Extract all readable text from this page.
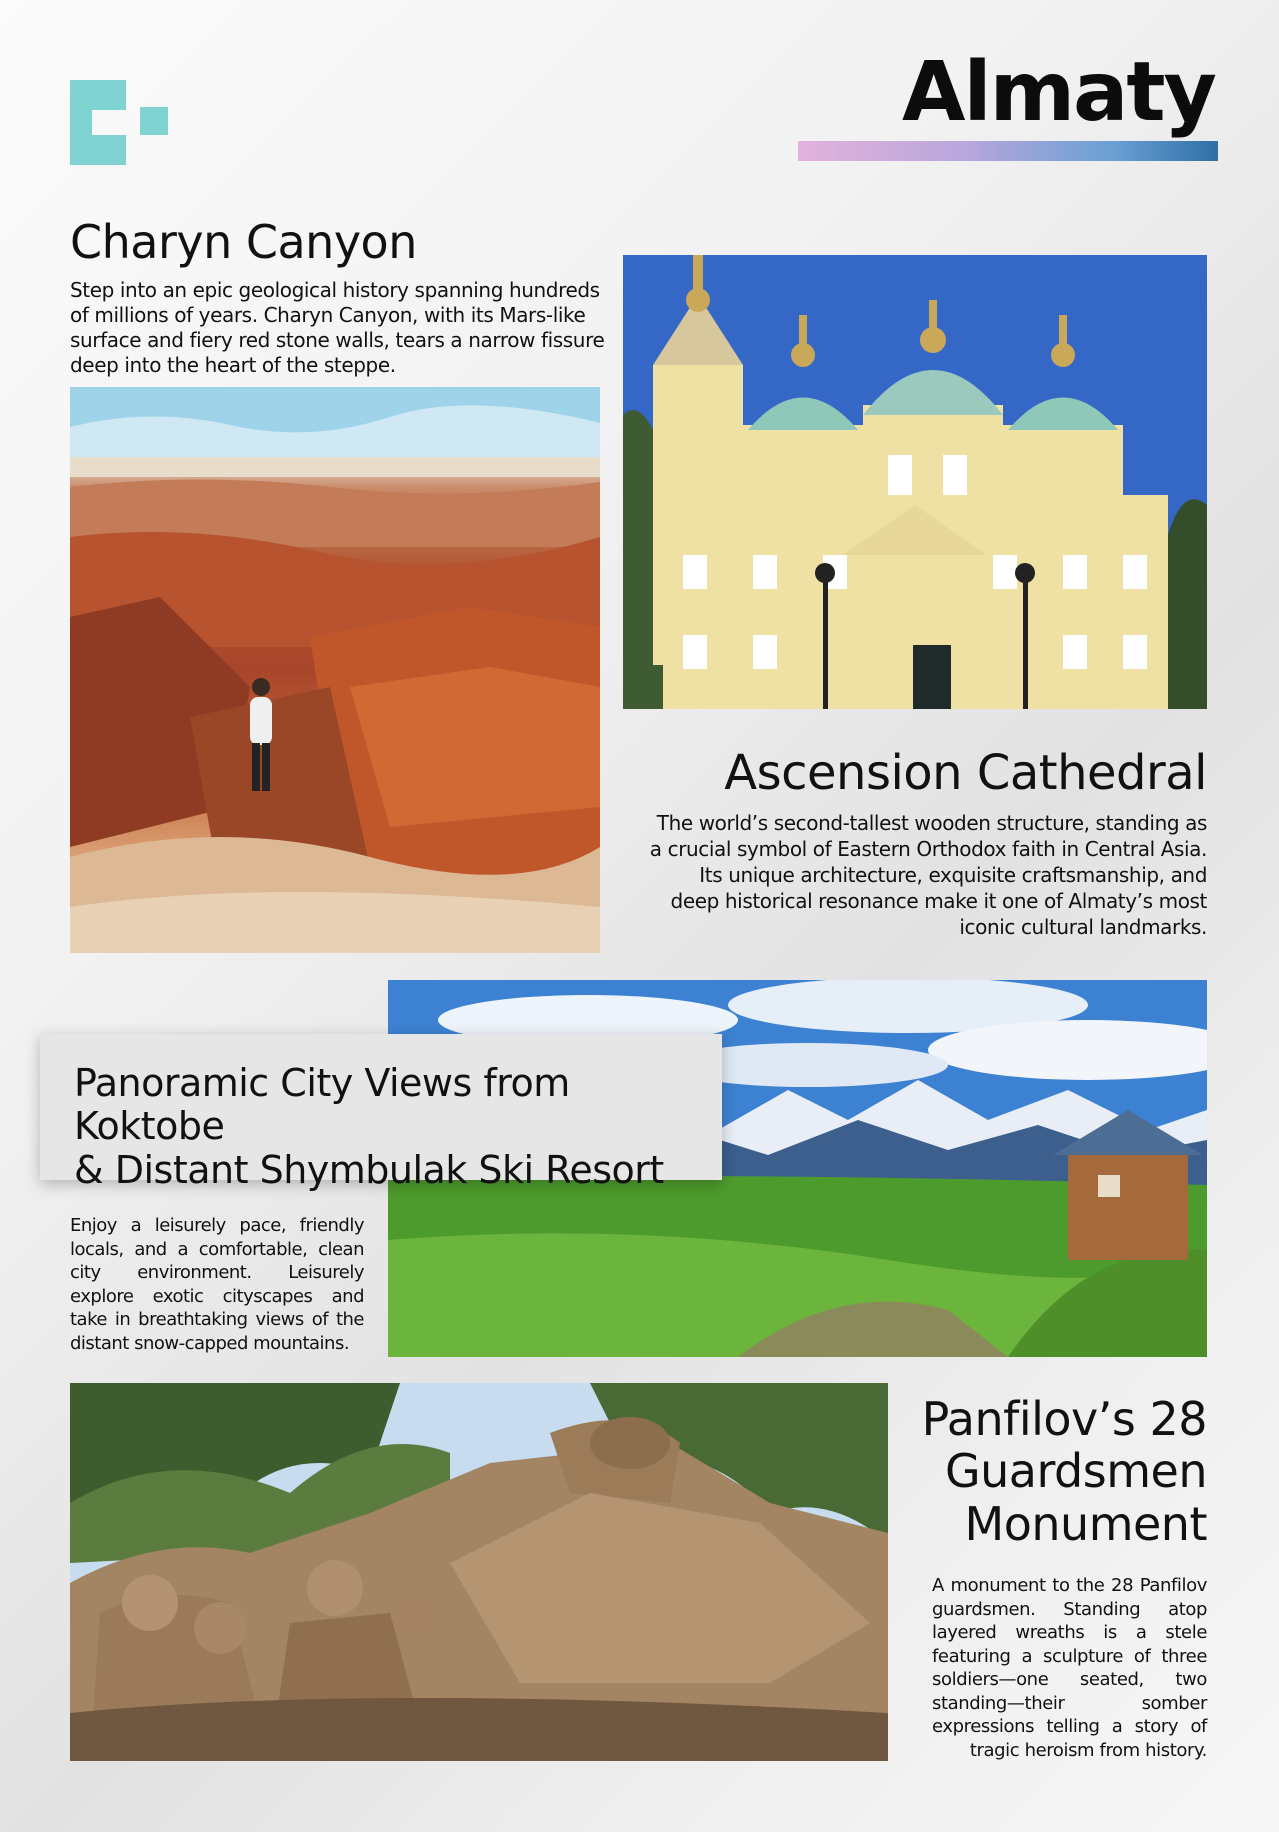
Almaty
Charyn Canyon

Step into an epic geological history spanning hundreds of millions of years. Charyn Canyon, with its Mars-like surface and fiery red stone walls, tears a narrow fissure deep into the heart of the steppe.

Ascension Cathedral

The world’s second-tallest wooden structure, standing as a crucial symbol of Eastern Orthodox faith in Central Asia. Its unique architecture, exquisite craftsmanship, and deep historical resonance make it one of Almaty’s most iconic cultural landmarks.

Panoramic City Views from Koktobe
& Distant Shymbulak Ski Resort

Enjoy a leisurely pace, friendly locals, and a comfortable, clean city environment. Leisurely explore exotic cityscapes and take in breathtaking views of the distant snow-capped mountains.

Panfilov’s 28
Guardsmen
Monument

A monument to the 28 Panfilov guardsmen. Standing atop layered wreaths is a stele featuring a sculpture of three soldiers—one seated, two standing—their somber expressions telling a story of tragic heroism from history.
